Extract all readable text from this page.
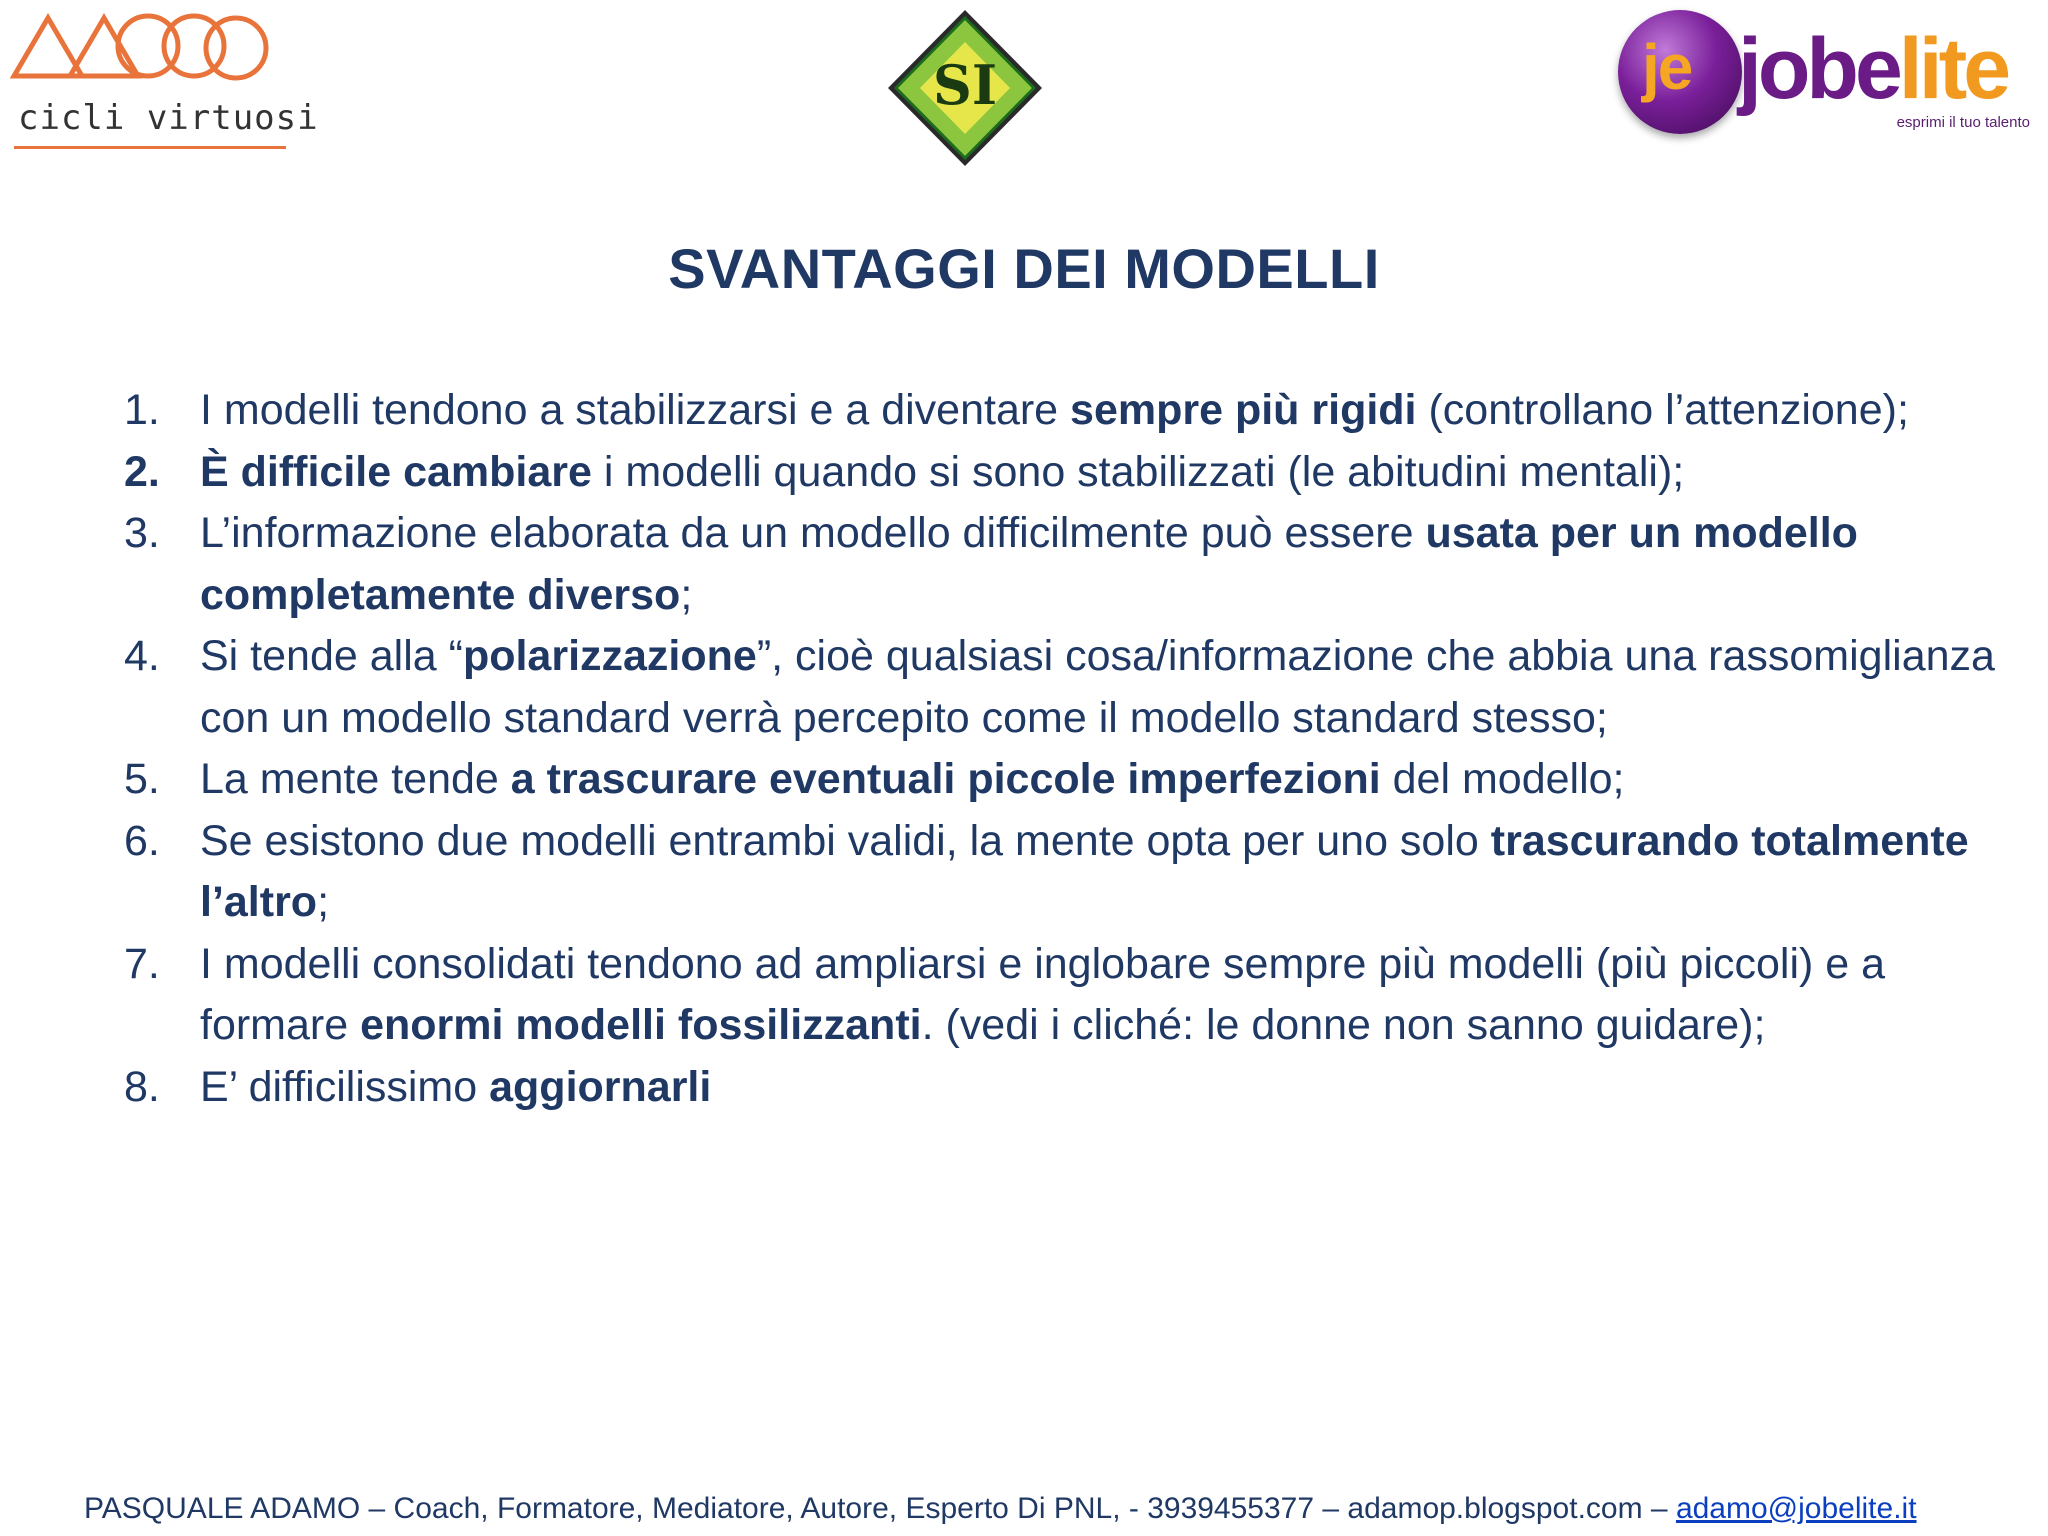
cicli virtuosi
SI	je jobelite
esprimi il tuo talento
SVANTAGGI DEI MODELLI
1. I modelli tendono a stabilizzarsi e a diventare sempre più rigidi (controllano l’attenzione);
2. È difficile cambiare i modelli quando si sono stabilizzati (le abitudini mentali);
3. L’informazione elaborata da un modello difficilmente può essere usata per un modello completamente diverso;
4. Si tende alla “polarizzazione”, cioè qualsiasi cosa/informazione che abbia una rassomiglianza con un modello standard verrà percepito come il modello standard stesso;
5. La mente tende a trascurare eventuali piccole imperfezioni del modello;
6. Se esistono due modelli entrambi validi, la mente opta per uno solo trascurando totalmente l’altro;
7. I modelli consolidati tendono ad ampliarsi e inglobare sempre più modelli (più piccoli) e a formare enormi modelli fossilizzanti. (vedi i cliché: le donne non sanno guidare);
8. E’ difficilissimo aggiornarli
PASQUALE ADAMO – Coach, Formatore, Mediatore, Autore, Esperto Di PNL, - 3939455377 – adamop.blogspot.com – adamo@jobelite.it
